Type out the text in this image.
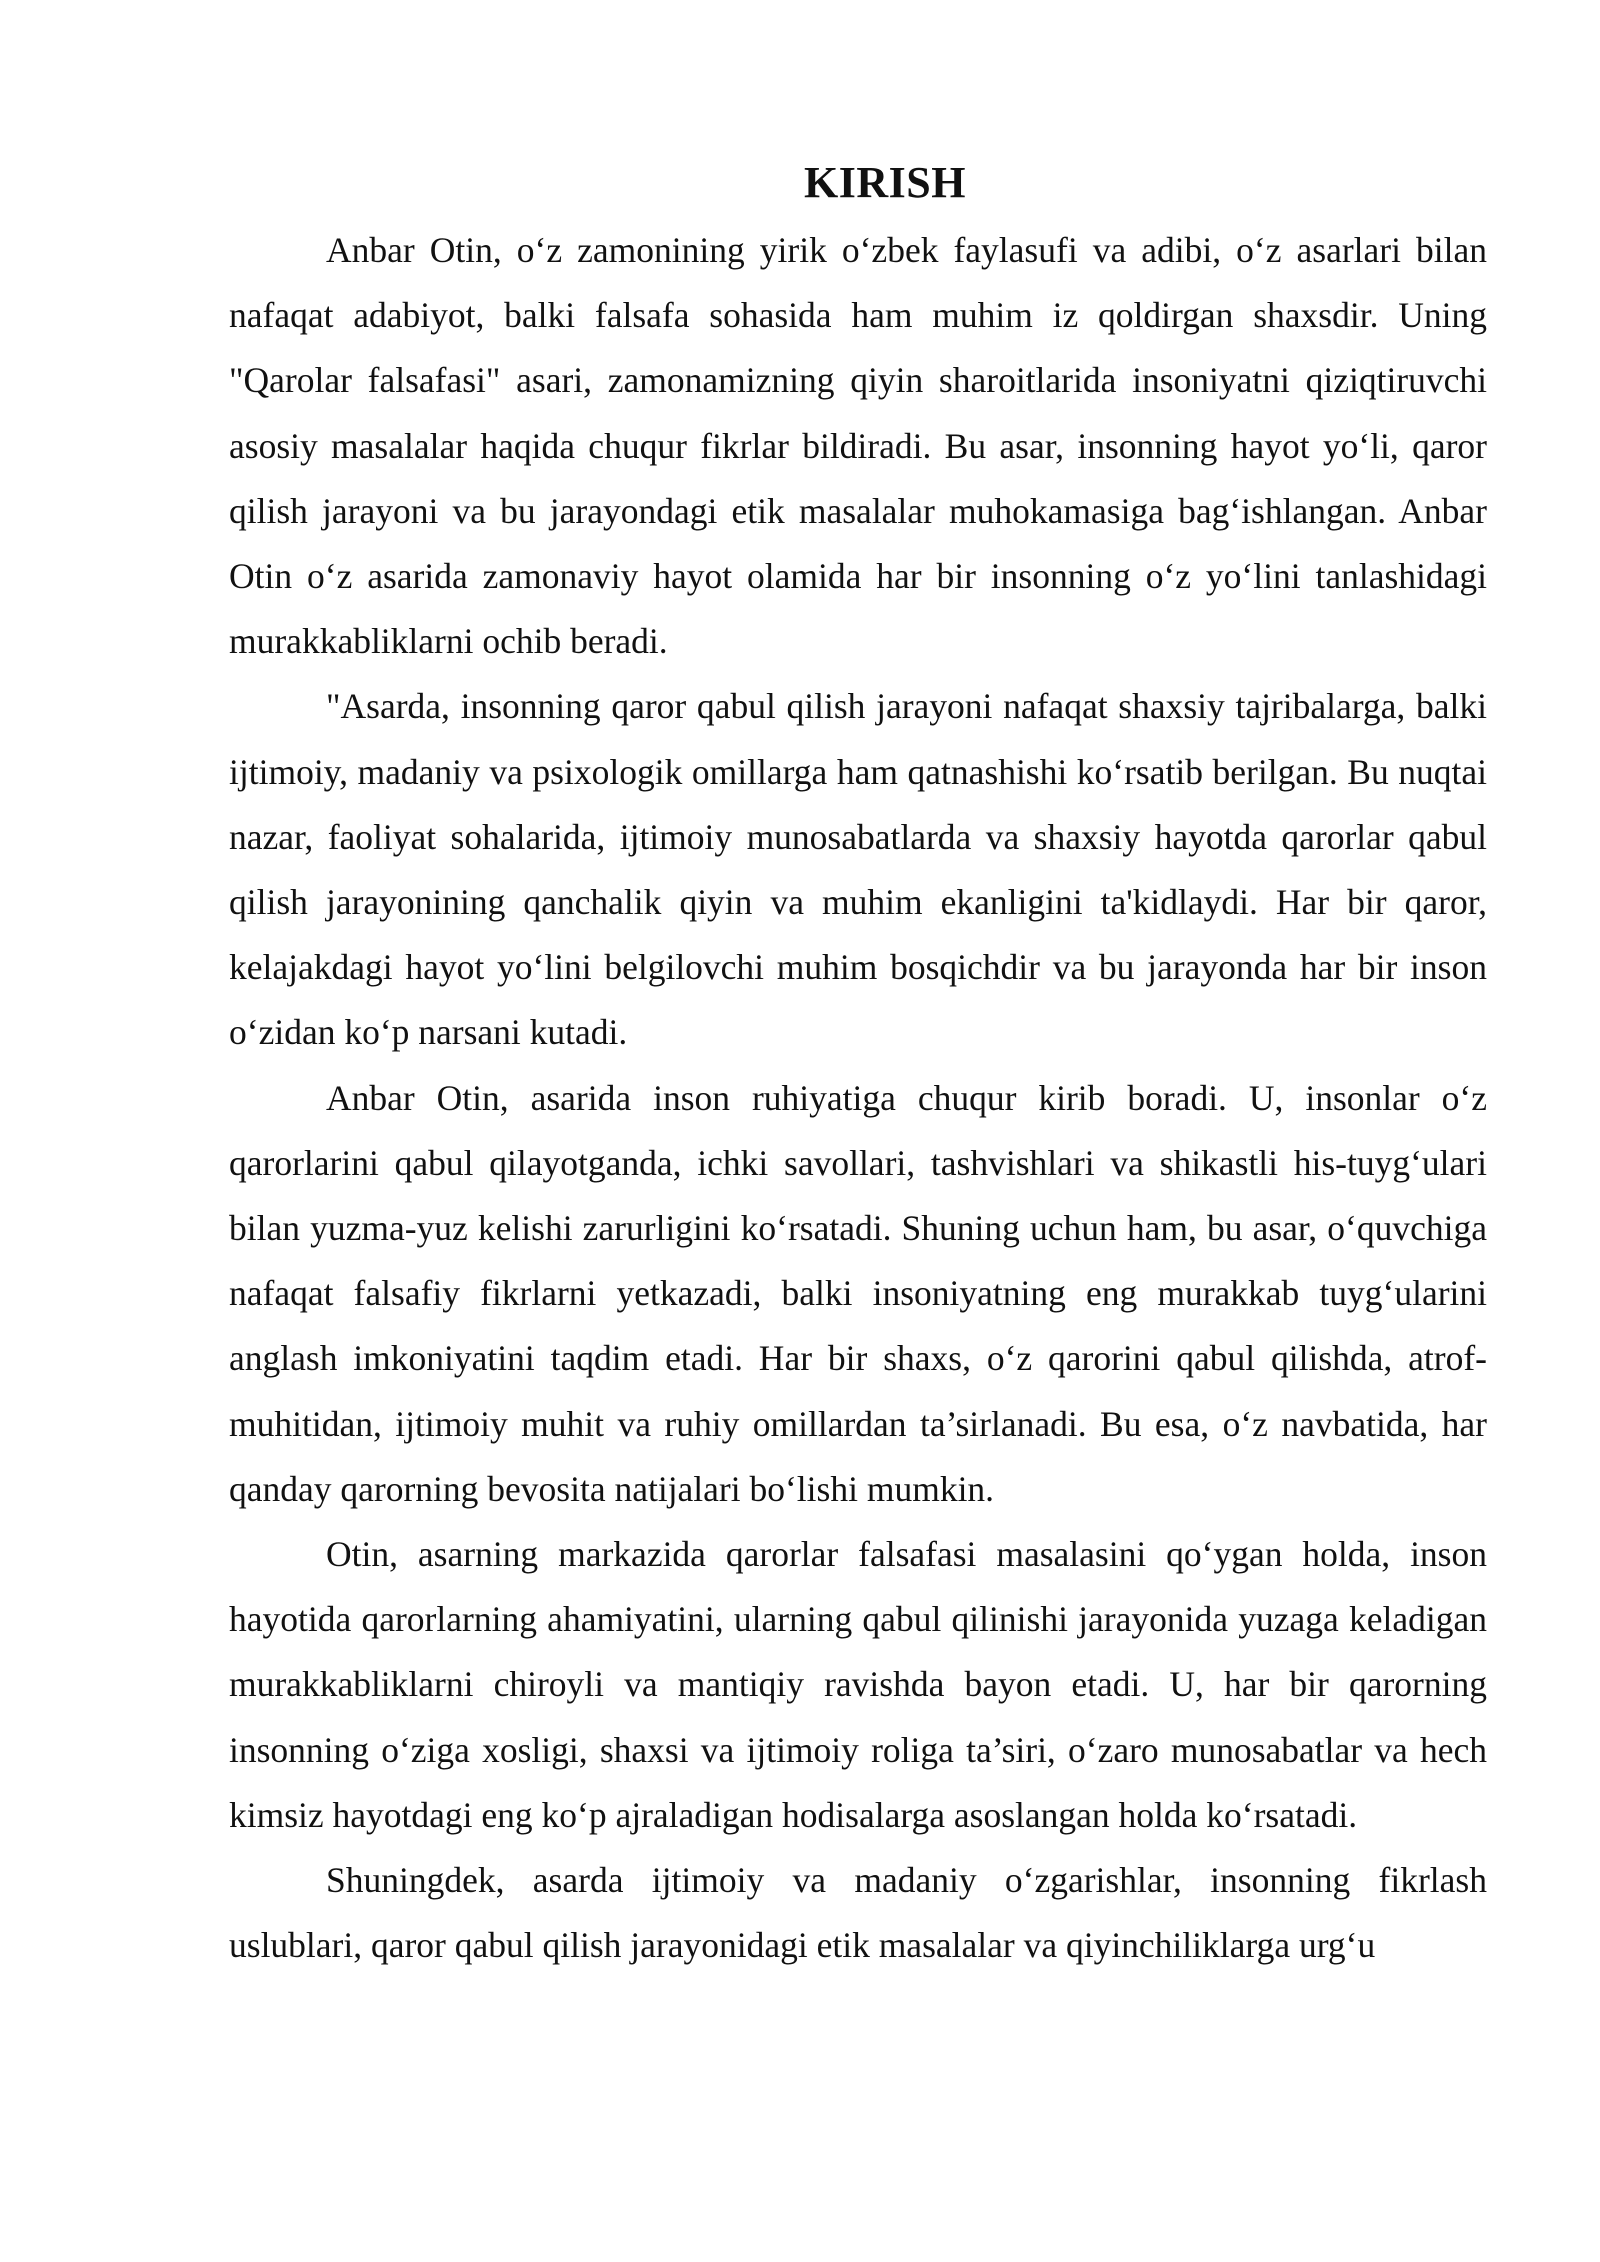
KIRISH

Anbar Otin, o‘z zamonining yirik o‘zbek faylasufi va adibi, o‘z asarlari bilan nafaqat adabiyot, balki falsafa sohasida ham muhim iz qoldirgan shaxsdir. Uning "Qarolar falsafasi" asari, zamonamizning qiyin sharoitlarida insoniyatni qiziqtiruvchi asosiy masalalar haqida chuqur fikrlar bildiradi. Bu asar, insonning hayot yo‘li, qaror qilish jarayoni va bu jarayondagi etik masalalar muhokamasiga bag‘ishlangan. Anbar Otin o‘z asarida zamonaviy hayot olamida har bir insonning o‘z yo‘lini tanlashidagi murakkabliklarni ochib beradi.

"Asarda, insonning qaror qabul qilish jarayoni nafaqat shaxsiy tajribalarga, balki ijtimoiy, madaniy va psixologik omillarga ham qatnashishi ko‘rsatib berilgan. Bu nuqtai nazar, faoliyat sohalarida, ijtimoiy munosabatlarda va shaxsiy hayotda qarorlar qabul qilish jarayonining qanchalik qiyin va muhim ekanligini ta'kidlaydi. Har bir qaror, kelajakdagi hayot yo‘lini belgilovchi muhim bosqichdir va bu jarayonda har bir inson o‘zidan ko‘p narsani kutadi.

Anbar Otin, asarida inson ruhiyatiga chuqur kirib boradi. U, insonlar o‘z qarorlarini qabul qilayotganda, ichki savollari, tashvishlari va shikastli his-tuyg‘ulari bilan yuzma-yuz kelishi zarurligini ko‘rsatadi. Shuning uchun ham, bu asar, o‘quvchiga nafaqat falsafiy fikrlarni yetkazadi, balki insoniyatning eng murakkab tuyg‘ularini anglash imkoniyatini taqdim etadi. Har bir shaxs, o‘z qarorini qabul qilishda, atrof-muhitidan, ijtimoiy muhit va ruhiy omillardan ta’sirlanadi. Bu esa, o‘z navbatida, har qanday qarorning bevosita natijalari bo‘lishi mumkin.

Otin, asarning markazida qarorlar falsafasi masalasini qo‘ygan holda, inson hayotida qarorlarning ahamiyatini, ularning qabul qilinishi jarayonida yuzaga keladigan murakkabliklarni chiroyli va mantiqiy ravishda bayon etadi. U, har bir qarorning insonning o‘ziga xosligi, shaxsi va ijtimoiy roliga ta’siri, o‘zaro munosabatlar va hech kimsiz hayotdagi eng ko‘p ajraladigan hodisalarga asoslangan holda ko‘rsatadi.

Shuningdek, asarda ijtimoiy va madaniy o‘zgarishlar, insonning fikrlash uslublari, qaror qabul qilish jarayonidagi etik masalalar va qiyinchiliklarga urg‘u
